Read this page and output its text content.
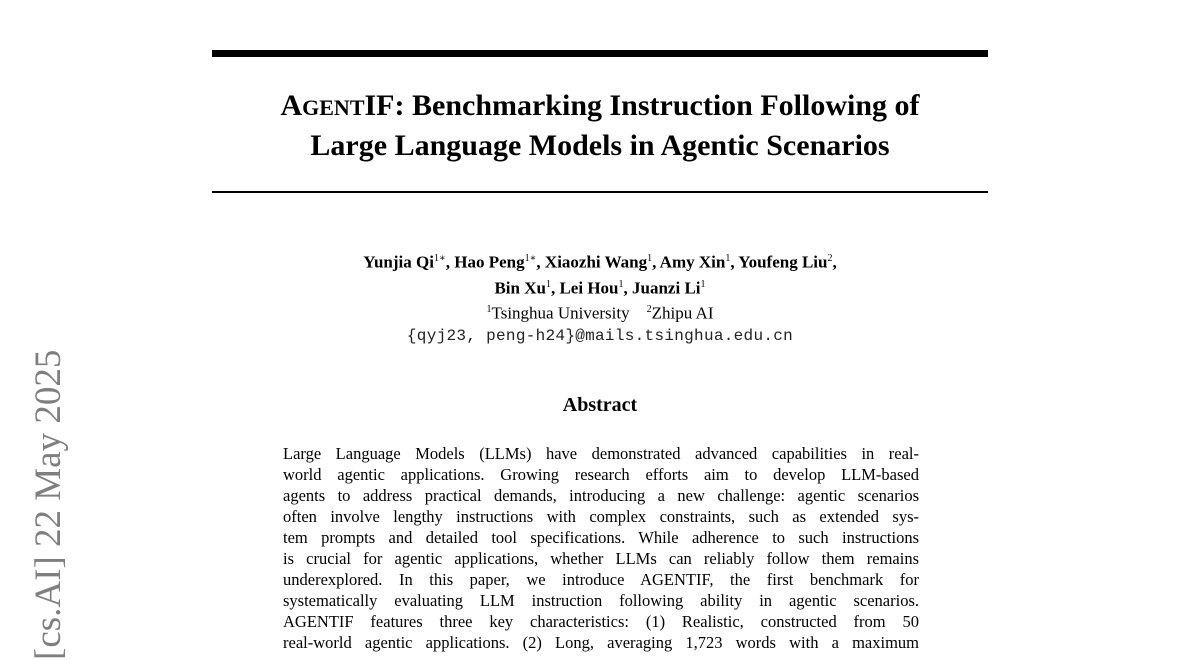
[cs.AI] 22 May 2025
AGENTIF: Benchmarking Instruction Following of
Large Language Models in Agentic Scenarios
Yunjia $Qi^{1∗}$, Hao Peng$^{1∗}$, Xiaozhi Wang$^1$, Amy Xin$^1$, Youfeng Liu$^2$,
Bin Xu$^1$, Lei Hou$^1$, Juanzi Li$^1$
$^1$Tsinghua University $^2$Zhipu AI
{qyj23, peng-h24}@mails.tsinghua.edu.cn
Abstract
Large Language Models (LLMs) have demonstrated advanced capabilities in real-
world agentic applications. Growing research efforts aim to develop LLM-based
agents to address practical demands, introducing a new challenge: agentic scenarios
often involve lengthy instructions with complex constraints, such as extended sys-
tem prompts and detailed tool specifications. While adherence to such instructions
is crucial for agentic applications, whether LLMs can reliably follow them remains
underexplored. In this paper, we introduce AGENTIF, the first benchmark for
systematically evaluating LLM instruction following ability in agentic scenarios.
AGENTIF features three key characteristics: (1) Realistic, constructed from 50
real-world agentic applications. (2) Long, averaging 1,723 words with a maximum
